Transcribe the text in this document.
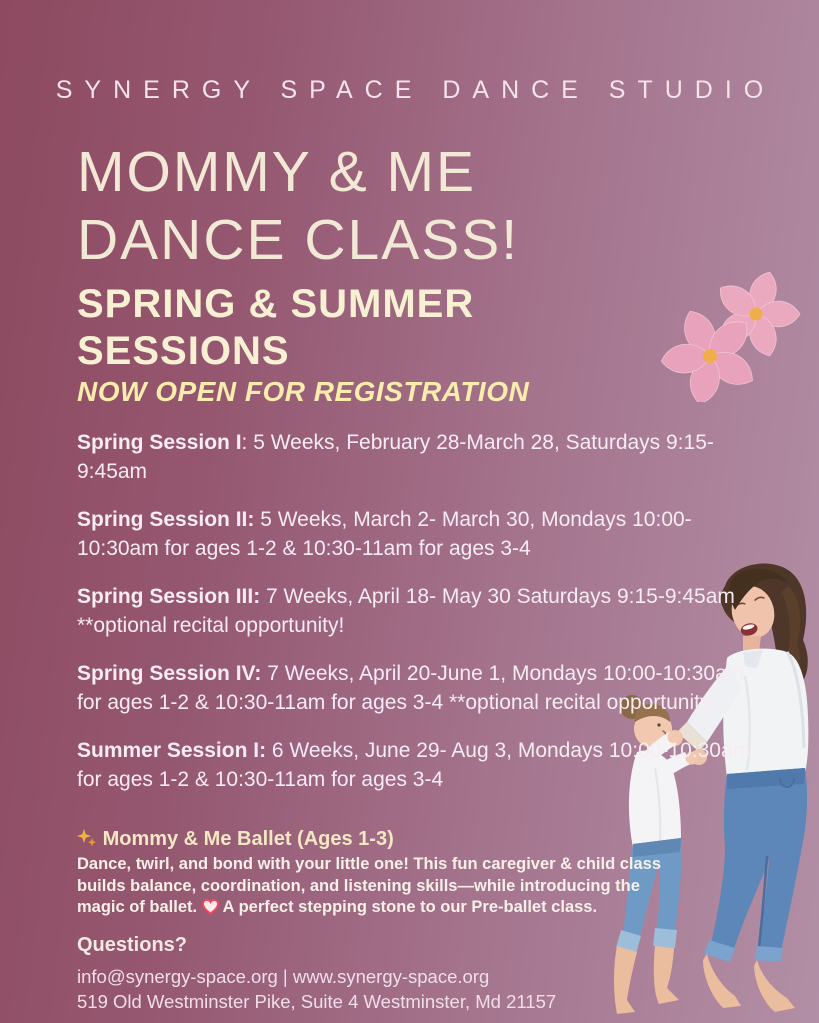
SYNERGY SPACE DANCE STUDIO
MOMMY & ME
DANCE CLASS!
SPRING & SUMMER
SESSIONS
NOW OPEN FOR REGISTRATION

Spring Session I: 5 Weeks, February 28-March 28, Saturdays 9:15-9:45am

Spring Session II: 5 Weeks, March 2- March 30, Mondays 10:00-10:30am for ages 1-2 & 10:30-11am for ages 3-4

Spring Session III: 7 Weeks, April 18- May 30 Saturdays 9:15-9:45am **optional recital opportunity!

Spring Session IV: 7 Weeks, April 20-June 1, Mondays 10:00-10:30am for ages 1-2 & 10:30-11am for ages 3-4 **optional recital opportunity!

Summer Session I: 6 Weeks, June 29- Aug 3, Mondays 10:00-10:30am for ages 1-2 & 10:30-11am for ages 3-4

Mommy & Me Ballet (Ages 1-3)
Dance, twirl, and bond with your little one! This fun caregiver & child class builds balance, coordination, and listening skills—while introducing the magic of ballet.  A perfect stepping stone to our Pre-ballet class.
Questions?
info@synergy-space.org | www.synergy-space.org
519 Old Westminster Pike, Suite 4 Westminster, Md 21157
